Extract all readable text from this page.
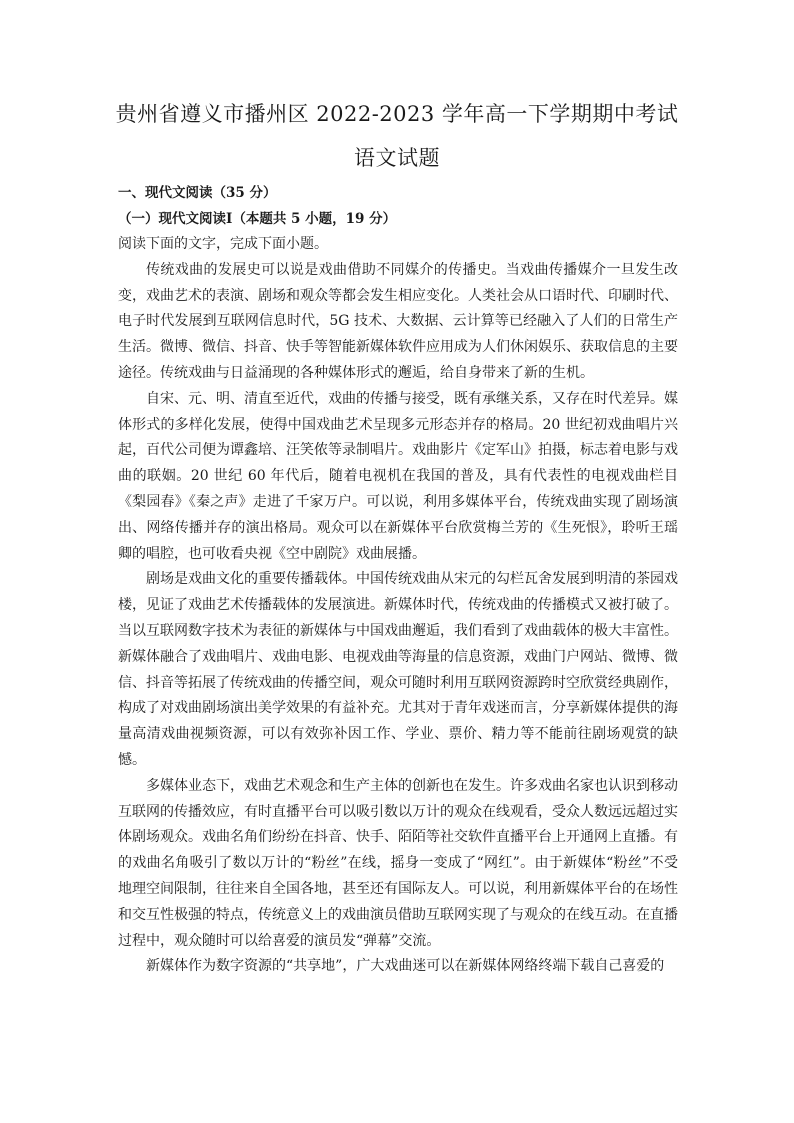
贵州省遵义市播州区 2022-2023 学年高一下学期期中考试
语文试题
一、现代文阅读（35 分）
（一）现代文阅读Ⅰ（本题共 5 小题，19 分）

阅读下面的文字，完成下面小题。

传统戏曲的发展史可以说是戏曲借助不同媒介的传播史。当戏曲传播媒介一旦发生改变，戏曲艺术的表演、剧场和观众等都会发生相应变化。人类社会从口语时代、印刷时代、电子时代发展到互联网信息时代，5G 技术、大数据、云计算等已经融入了人们的日常生产生活。微博、微信、抖音、快手等智能新媒体软件应用成为人们休闲娱乐、获取信息的主要途径。传统戏曲与日益涌现的各种媒体形式的邂逅，给自身带来了新的生机。

自宋、元、明、清直至近代，戏曲的传播与接受，既有承继关系，又存在时代差异。媒体形式的多样化发展，使得中国戏曲艺术呈现多元形态并存的格局。20 世纪初戏曲唱片兴起，百代公司便为谭鑫培、汪笑侬等录制唱片。戏曲影片《定军山》拍摄，标志着电影与戏曲的联姻。20 世纪 60 年代后，随着电视机在我国的普及，具有代表性的电视戏曲栏目《梨园春》《秦之声》走进了千家万户。可以说，利用多媒体平台，传统戏曲实现了剧场演出、网络传播并存的演出格局。观众可以在新媒体平台欣赏梅兰芳的《生死恨》，聆听王瑶卿的唱腔，也可收看央视《空中剧院》戏曲展播。

剧场是戏曲文化的重要传播载体。中国传统戏曲从宋元的勾栏瓦舍发展到明清的茶园戏楼，见证了戏曲艺术传播载体的发展演进。新媒体时代，传统戏曲的传播模式又被打破了。当以互联网数字技术为表征的新媒体与中国戏曲邂逅，我们看到了戏曲载体的极大丰富性。新媒体融合了戏曲唱片、戏曲电影、电视戏曲等海量的信息资源，戏曲门户网站、微博、微信、抖音等拓展了传统戏曲的传播空间，观众可随时利用互联网资源跨时空欣赏经典剧作，构成了对戏曲剧场演出美学效果的有益补充。尤其对于青年戏迷而言，分享新媒体提供的海量高清戏曲视频资源，可以有效弥补因工作、学业、票价、精力等不能前往剧场观赏的缺憾。

多媒体业态下，戏曲艺术观念和生产主体的创新也在发生。许多戏曲名家也认识到移动互联网的传播效应，有时直播平台可以吸引数以万计的观众在线观看，受众人数远远超过实体剧场观众。戏曲名角们纷纷在抖音、快手、陌陌等社交软件直播平台上开通网上直播。有的戏曲名角吸引了数以万计的“粉丝”在线，摇身一变成了“网红”。由于新媒体“粉丝”不受地理空间限制，往往来自全国各地，甚至还有国际友人。可以说，利用新媒体平台的在场性和交互性极强的特点，传统意义上的戏曲演员借助互联网实现了与观众的在线互动。在直播过程中，观众随时可以给喜爱的演员发“弹幕”交流。

新媒体作为数字资源的“共享地”，广大戏曲迷可以在新媒体网络终端下载自己喜爱的
